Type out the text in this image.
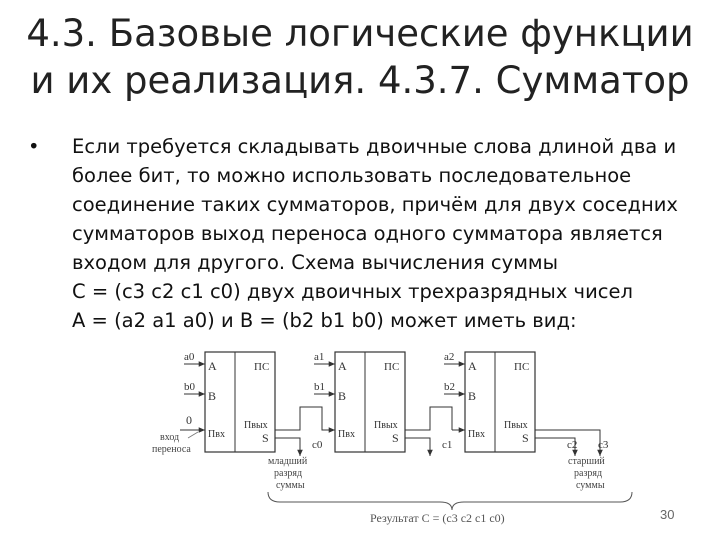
4.3. Базовые логические функции
и их реализация. 4.3.7. Сумматор
• Если требуется складывать двоичные слова длиной два и
более бит, то можно использовать последовательное
соединение таких сумматоров, причём для двух соседних
сумматоров выход переноса одного сумматора является
входом для другого. Схема вычисления суммы
C = (c3 c2 c1 c0) двух двоичных трехразрядных чисел
A = (a2 a1 a0) и B = (b2 b1 b0) может иметь вид:
A
B
Пвх
ПС
Пвых
S
a0
b0
0
вход
переноса
A
B
Пвх
ПС
Пвых
S
a1
b1
A
B
Пвх
ПС
Пвых
S
a2
b2
c0	c1	c2 c3
младший
разряд
суммы
старший
разряд
суммы
Результат C = (c3 c2 c1 c0)	30
